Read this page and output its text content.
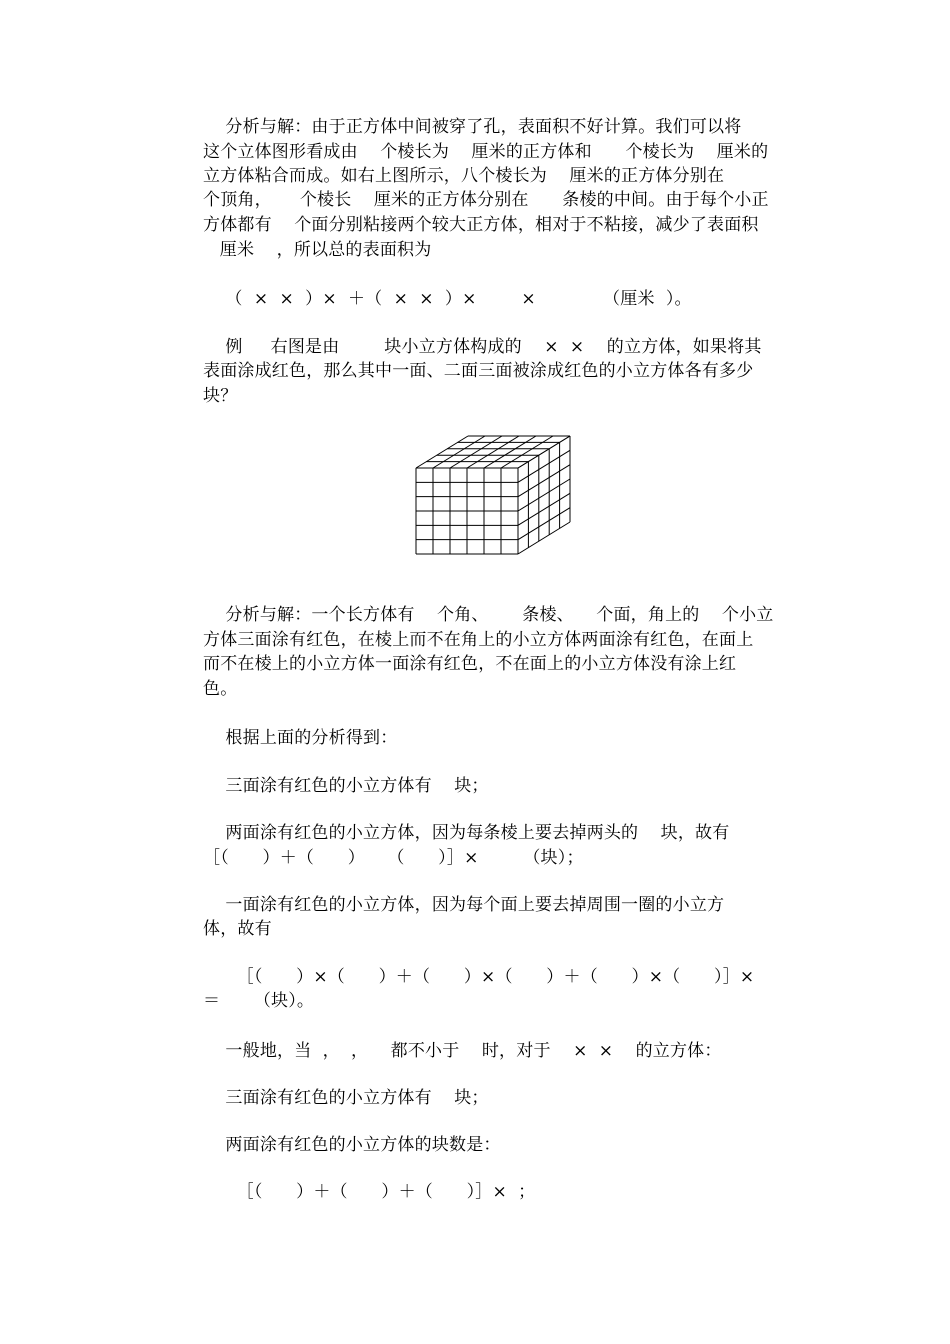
分析与解：由于正方体中间被穿了孔，表面积不好计算。我们可以将
这个立体图形看成由    个棱长为    厘米的正方体和      个棱长为    厘米的
立方体粘合而成。如右上图所示，八个棱长为    厘米的正方体分别在
个顶角，     个棱长    厘米的正方体分别在      条棱的中间。由于每个小正
方体都有    个面分别粘接两个较大正方体，相对于不粘接，减少了表面积
厘米    ，所以总的表面积为
（  ×  ×  ）×  ＋（  ×  ×  ）×        ×            （厘米  ）。
例     右图是由        块小立方体构成的    ×  ×    的立方体，如果将其
表面涂成红色，那么其中一面、二面三面被涂成红色的小立方体各有多少
块？
分析与解：一个长方体有    个角、      条棱、    个面，角上的    个小立
方体三面涂有红色，在棱上而不在角上的小立方体两面涂有红色，在面上
而不在棱上的小立方体一面涂有红色，不在面上的小立方体没有涂上红
色。
根据上面的分析得到：
三面涂有红色的小立方体有    块；
两面涂有红色的小立方体，因为每条棱上要去掉两头的    块，故有
［（      ）＋（      ）    （      ）］×        （块）；
一面涂有红色的小立方体，因为每个面上要去掉周围一圈的小立方
体，故有
［（      ）×（      ）＋（      ）×（      ）＋（      ）×（      ）］×
＝      （块）。
一般地，当  ，  ，    都不小于    时，对于    ×  ×    的立方体：
三面涂有红色的小立方体有    块；
两面涂有红色的小立方体的块数是：
［（      ）＋（      ）＋（      ）］×  ；
